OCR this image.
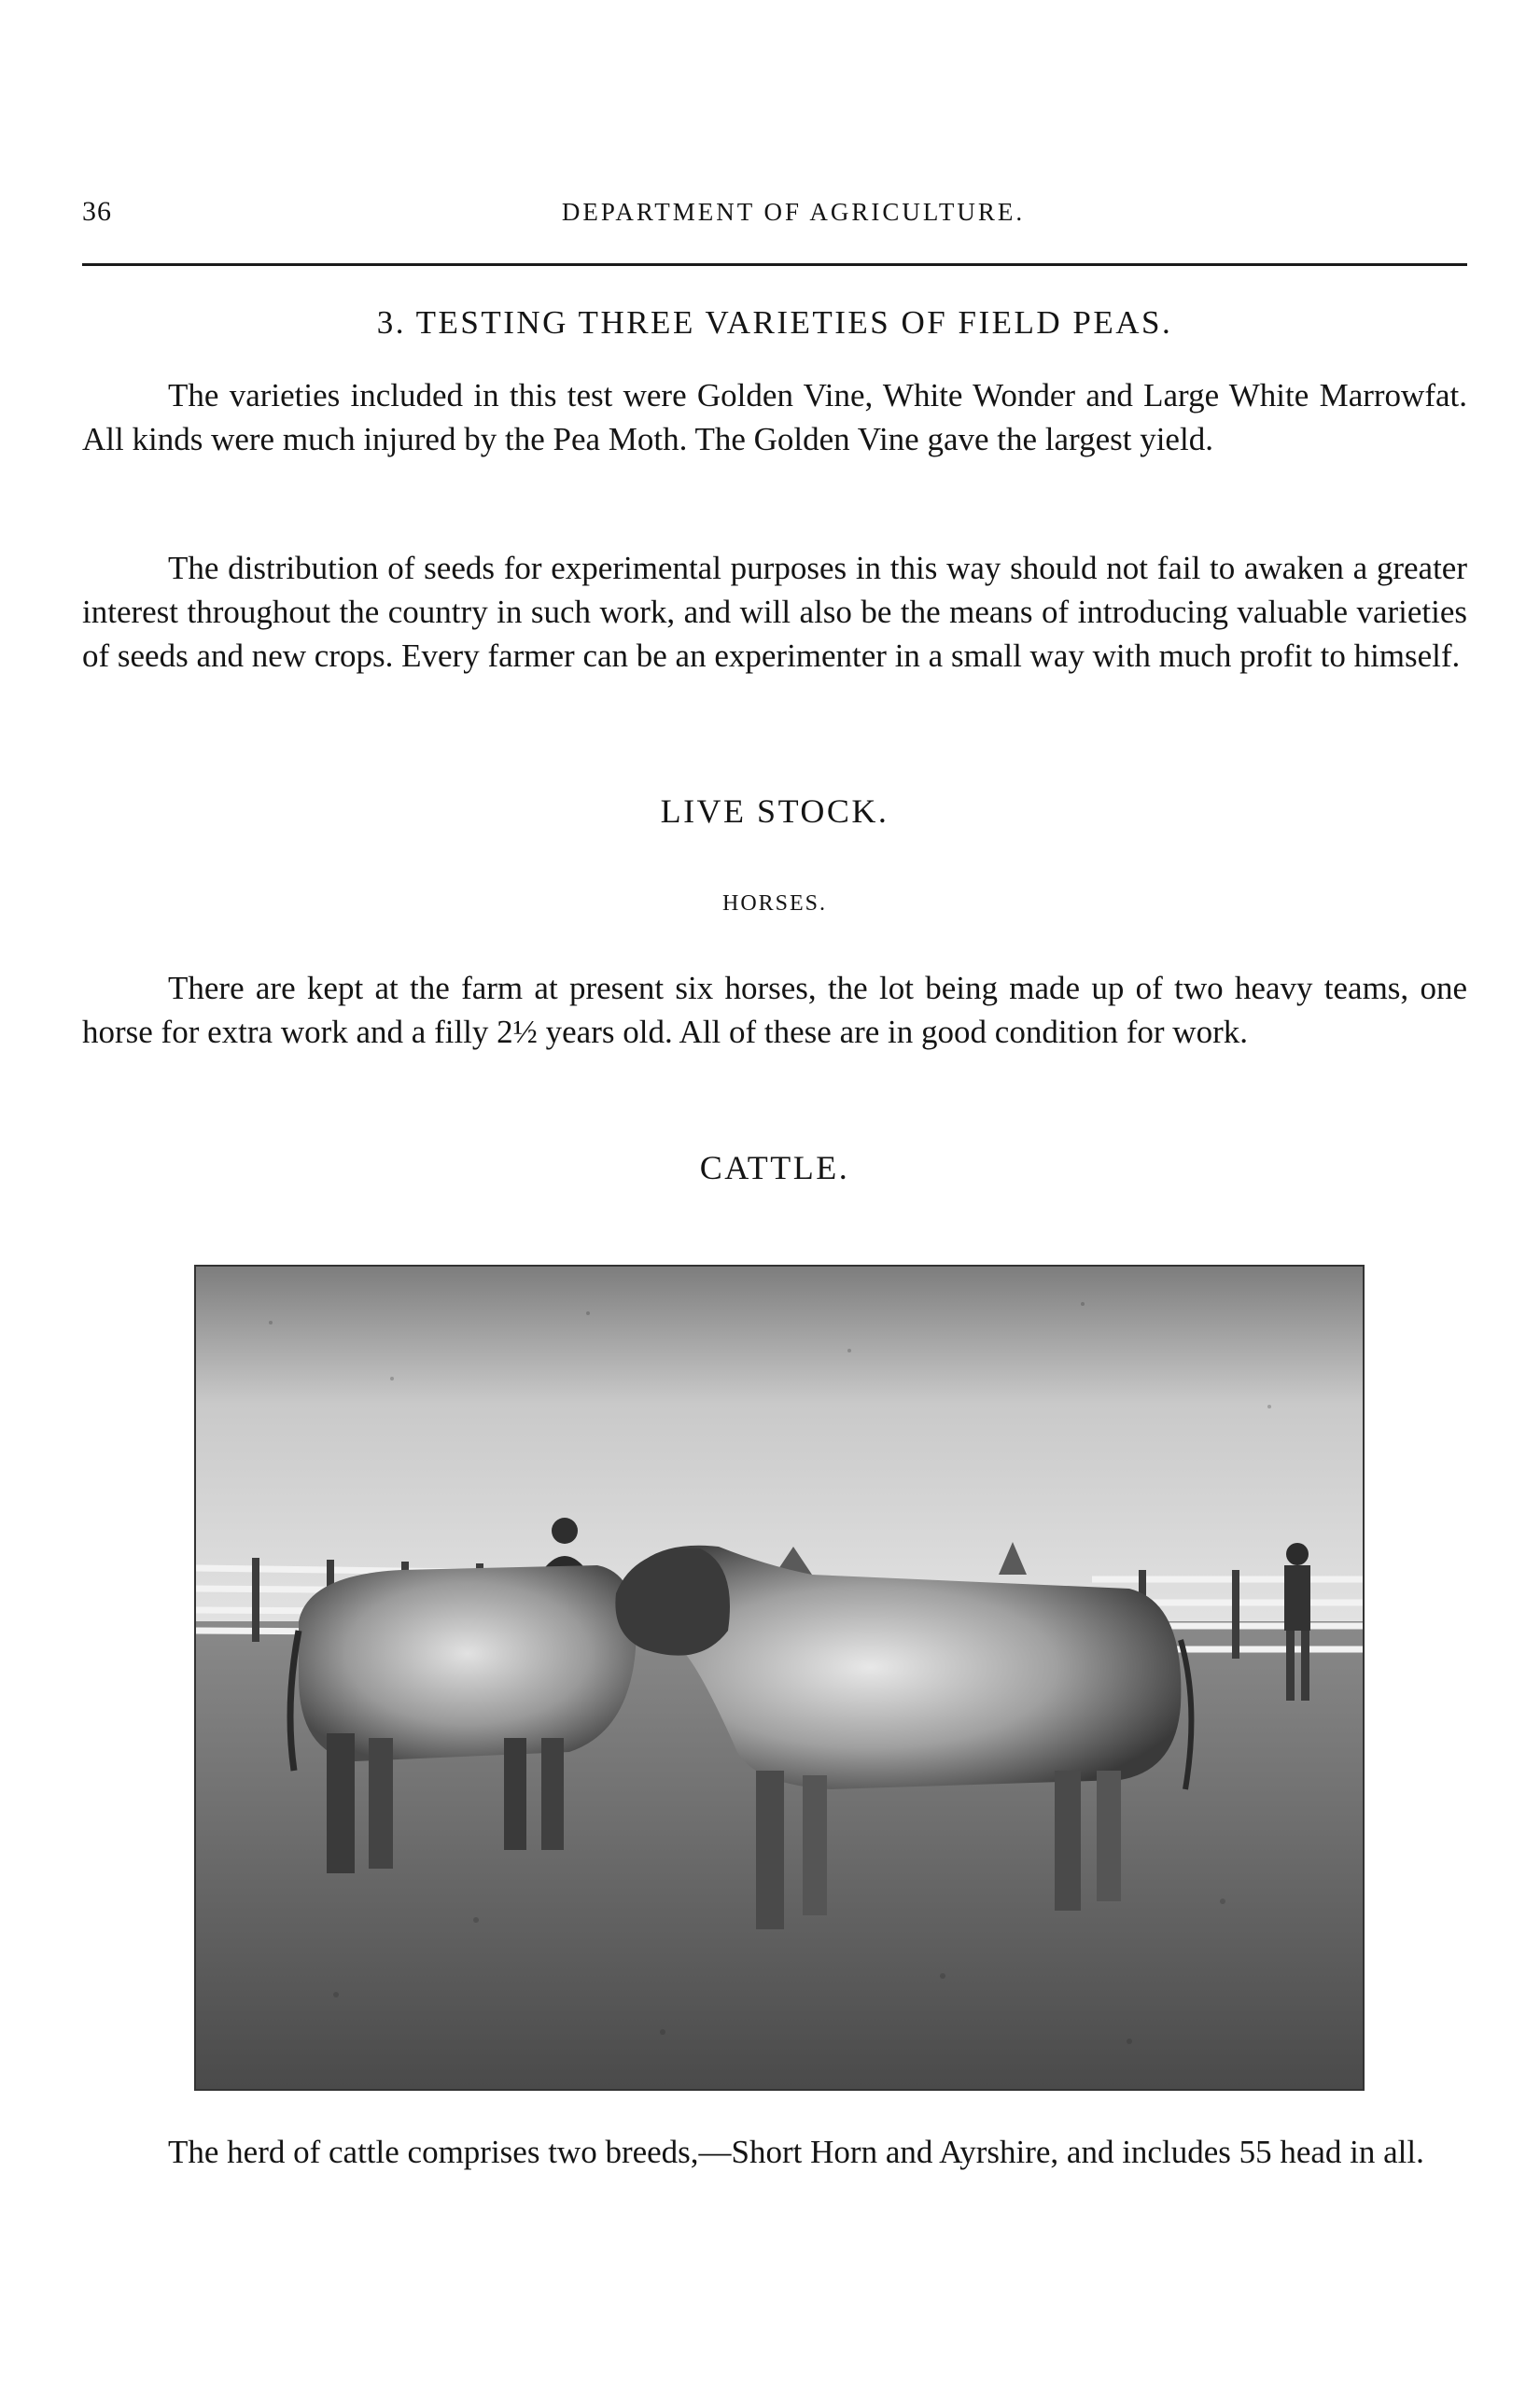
36	DEPARTMENT OF AGRICULTURE.
3. TESTING THREE VARIETIES OF FIELD PEAS.

The varieties included in this test were Golden Vine, White Wonder and Large White Marrowfat. All kinds were much injured by the Pea Moth. The Golden Vine gave the largest yield.

The distribution of seeds for experimental purposes in this way should not fail to awaken a greater interest throughout the country in such work, and will also be the means of introducing valuable varieties of seeds and new crops. Every farmer can be an experimenter in a small way with much profit to himself.

LIVE STOCK.
HORSES.

There are kept at the farm at present six horses, the lot being made up of two heavy teams, one horse for extra work and a filly 2½ years old. All of these are in good condition for work.

CATTLE.

The herd of cattle comprises two breeds,—Short Horn and Ayrshire, and includes 55 head in all.
